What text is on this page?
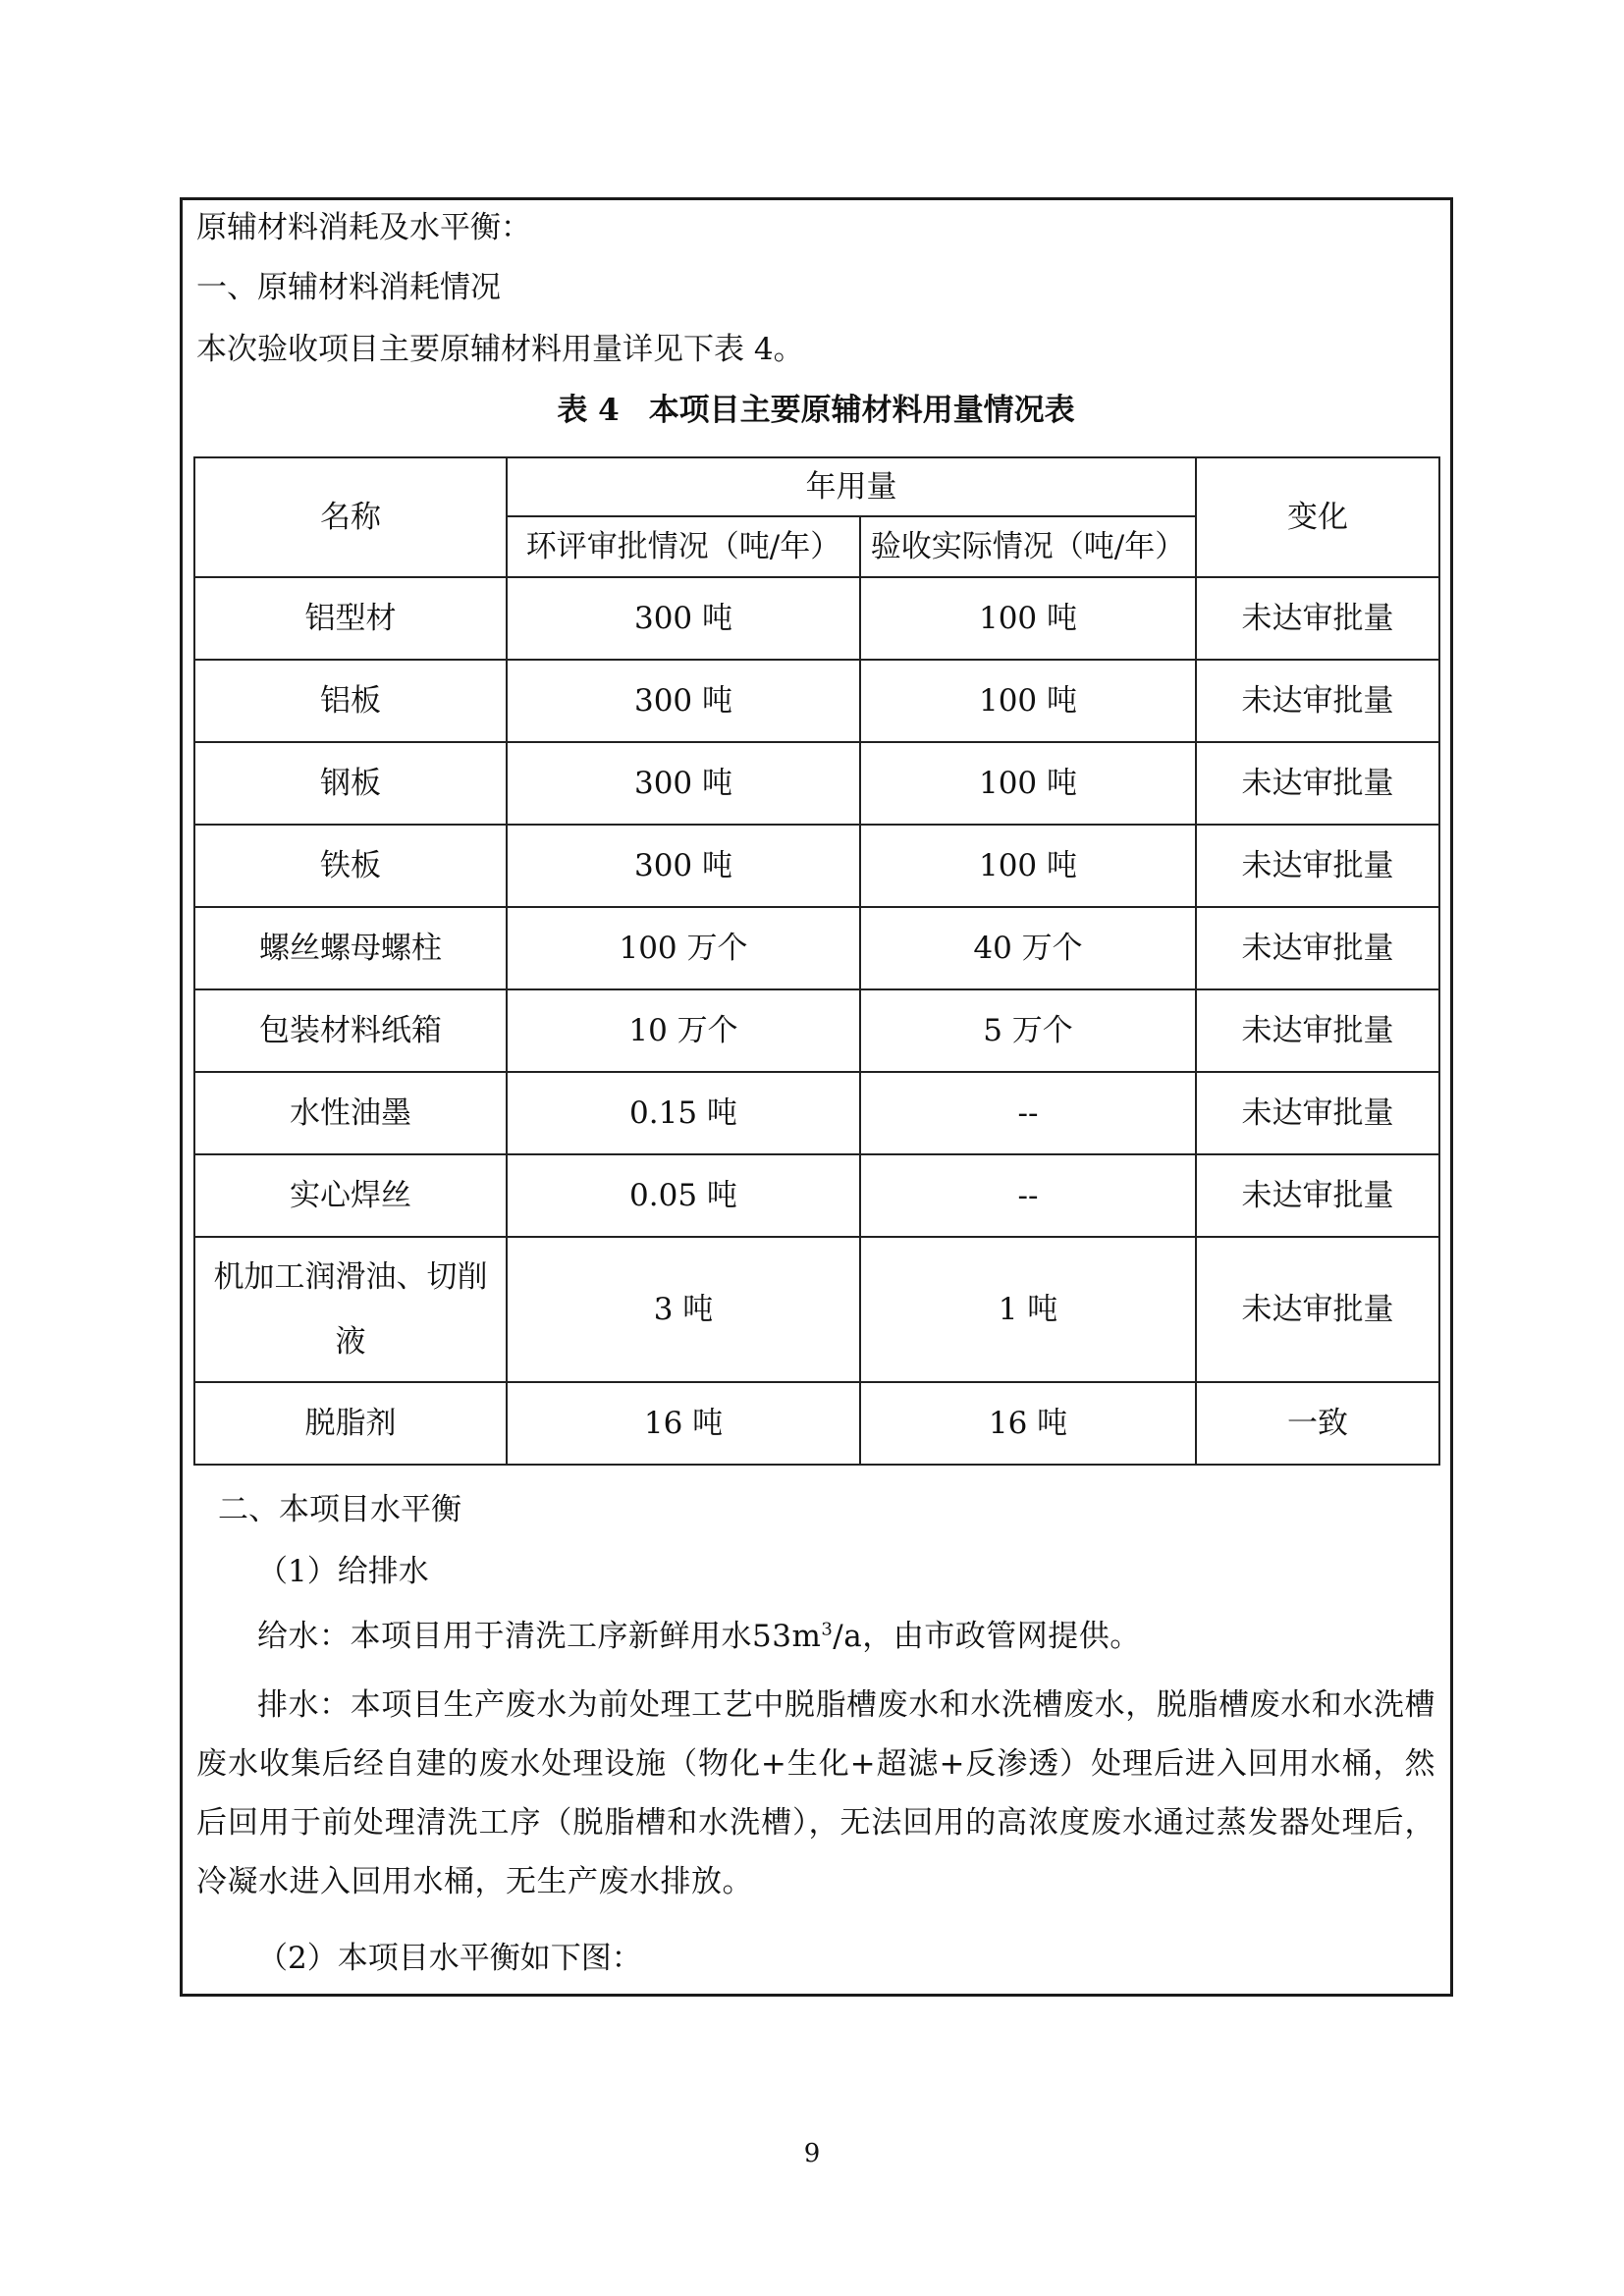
原辅材料消耗及水平衡：
一、原辅材料消耗情况
本次验收项目主要原辅材料用量详见下表 4。
表 4 本项目主要原辅材料用量情况表
名称	年用量		变化
	环评审批情况（吨/年）	验收实际情况（吨/年）	
铝型材	300 吨	100 吨	未达审批量
铝板	300 吨	100 吨	未达审批量
钢板	300 吨	100 吨	未达审批量
铁板	300 吨	100 吨	未达审批量
螺丝螺母螺柱	100 万个	40 万个	未达审批量
包装材料纸箱	10 万个	5 万个	未达审批量
水性油墨	0.15 吨	--	未达审批量
实心焊丝	0.05 吨	--	未达审批量
机加工润滑油、切削液	3 吨	1 吨	未达审批量
脱脂剂	16 吨	16 吨	一致
二、本项目水平衡
（1）给排水
给水：本项目用于清洗工序新鲜用水$53m^3/a$，由市政管网提供。
排水：本项目生产废水为前处理工艺中脱脂槽废水和水洗槽废水，脱脂槽废水和水洗槽废水收集后经自建的废水处理设施（物化+生化+超滤+反渗透）处理后进入回用水桶，然后回用于前处理清洗工序（脱脂槽和水洗槽），无法回用的高浓度废水通过蒸发器处理后，冷凝水进入回用水桶，无生产废水排放。
（2）本项目水平衡如下图：
9
